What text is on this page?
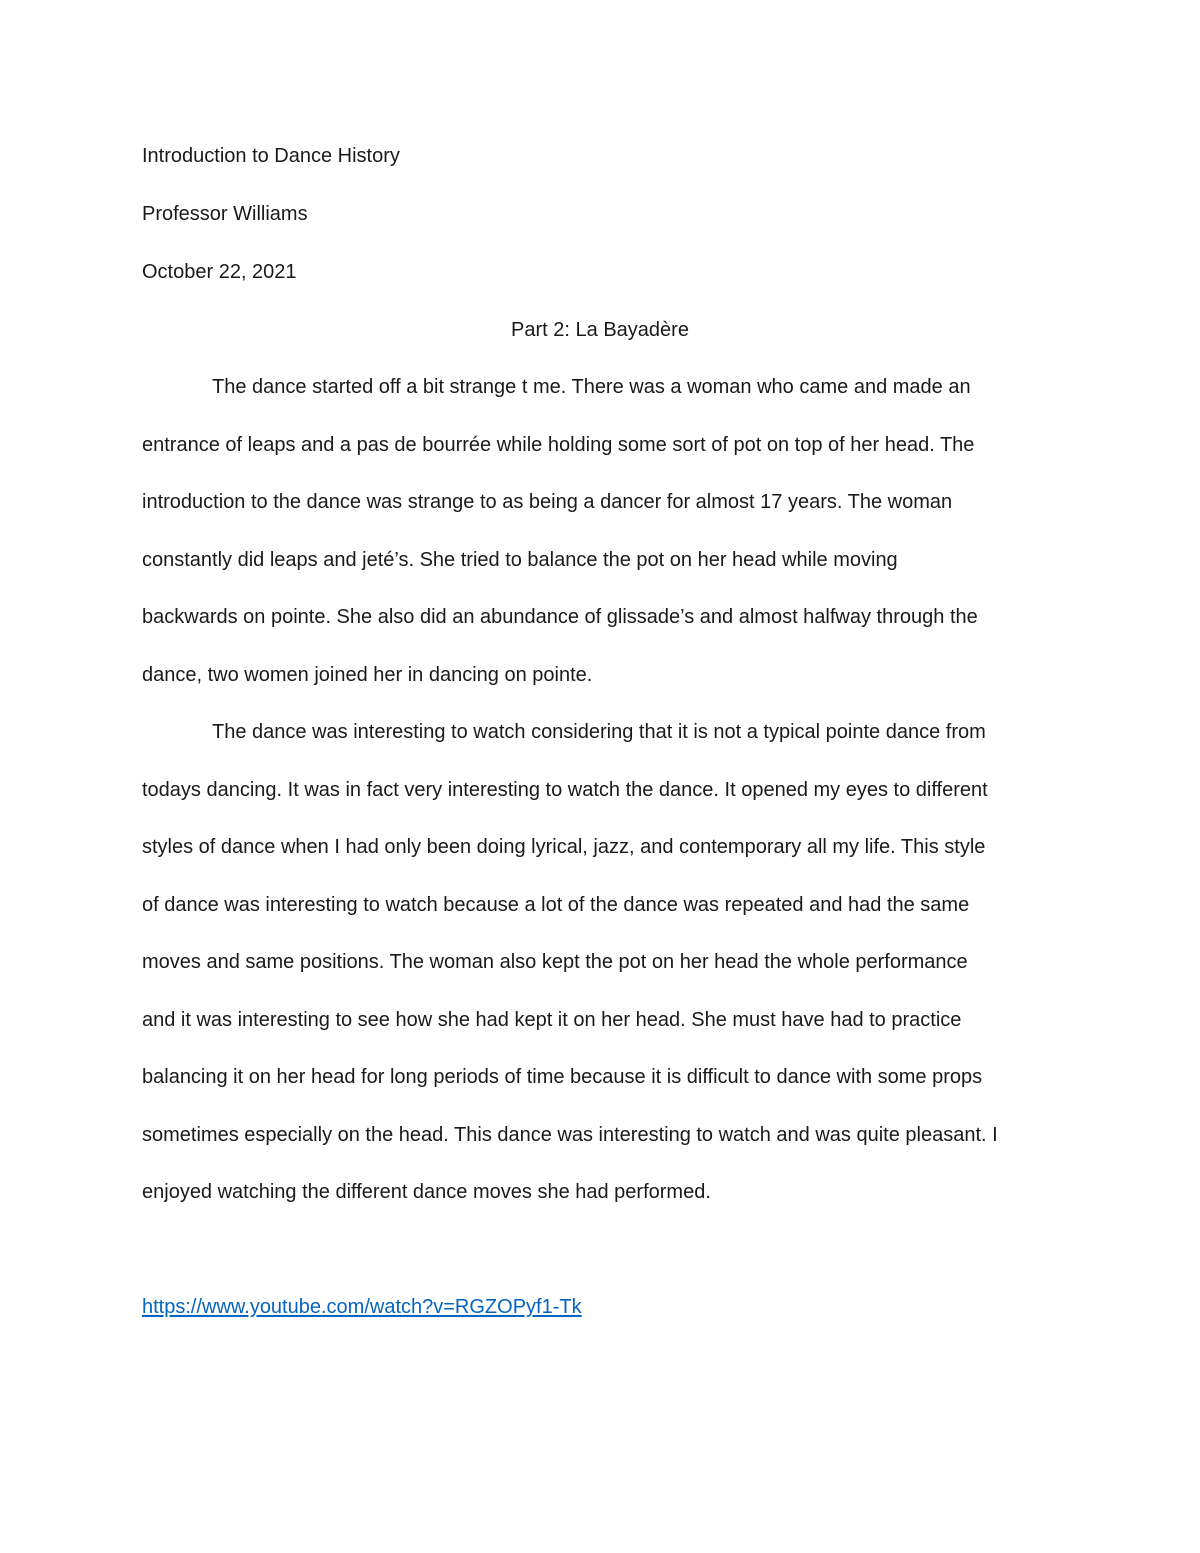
Introduction to Dance History
Professor Williams
October 22, 2021
Part 2: La Bayadère
The dance started off a bit strange t me. There was a woman who came and made an
entrance of leaps and a pas de bourrée while holding some sort of pot on top of her head. The
introduction to the dance was strange to as being a dancer for almost 17 years. The woman
constantly did leaps and jeté’s. She tried to balance the pot on her head while moving
backwards on pointe. She also did an abundance of glissade’s and almost halfway through the
dance, two women joined her in dancing on pointe.
The dance was interesting to watch considering that it is not a typical pointe dance from
todays dancing. It was in fact very interesting to watch the dance. It opened my eyes to different
styles of dance when I had only been doing lyrical, jazz, and contemporary all my life. This style
of dance was interesting to watch because a lot of the dance was repeated and had the same
moves and same positions. The woman also kept the pot on her head the whole performance
and it was interesting to see how she had kept it on her head. She must have had to practice
balancing it on her head for long periods of time because it is difficult to dance with some props
sometimes especially on the head. This dance was interesting to watch and was quite pleasant. I
enjoyed watching the different dance moves she had performed.
https://www.youtube.com/watch?v=RGZOPyf1-Tk
